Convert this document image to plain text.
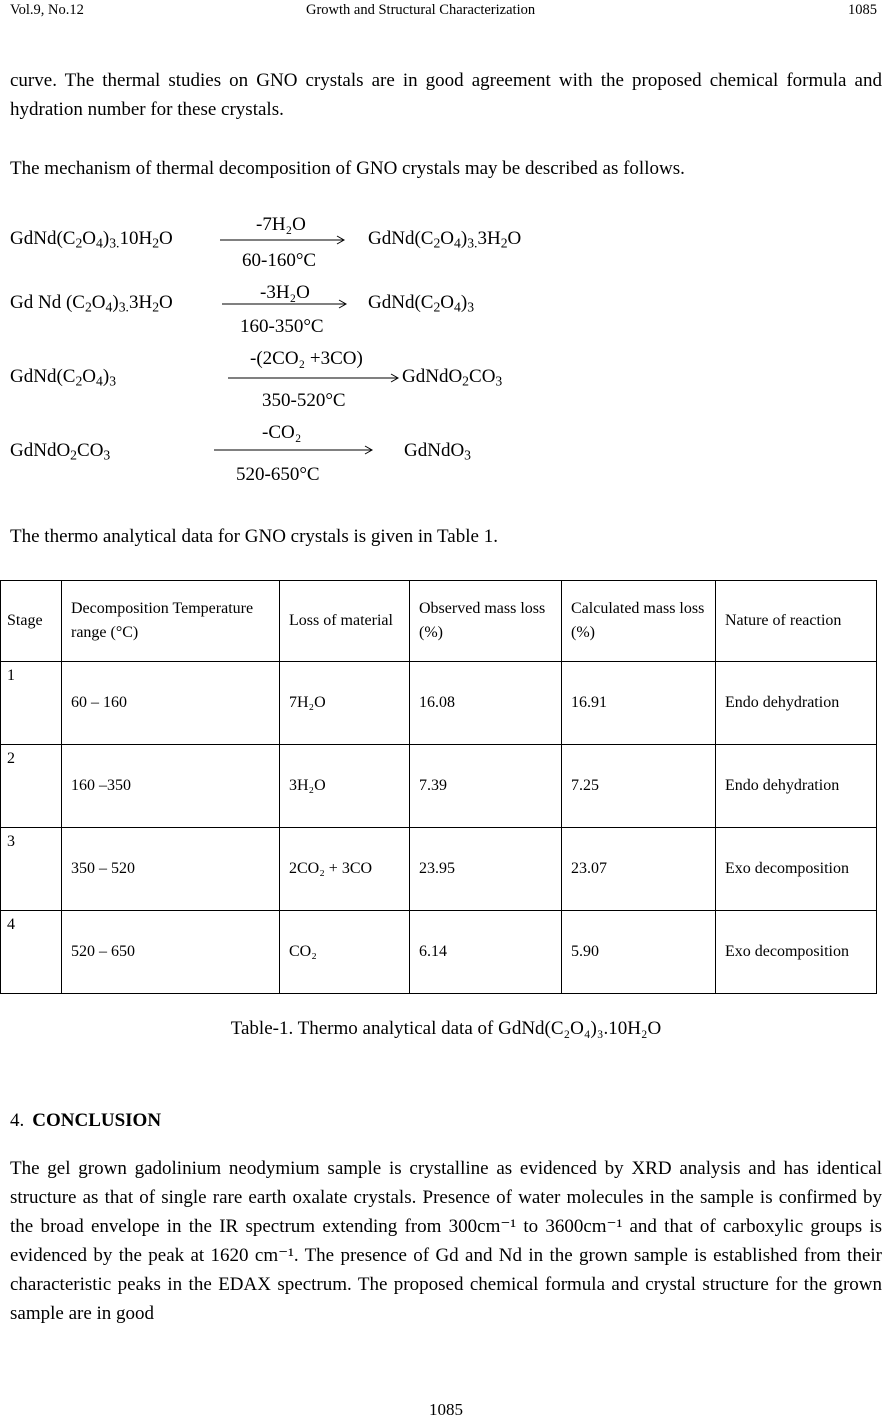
Vol.9, No.12	Growth and Structural Characterization	1085
curve. The thermal studies on GNO crystals are in good agreement with the proposed chemical formula and hydration number for these crystals.
The mechanism of thermal decomposition of GNO crystals may be described as follows.
$GdNd(C_2O_4)_{3.}10H_2O$
-7H₂O
60-160°C
$GdNd(C_2O_4)_{3.}3H_2O$
Gd Nd $(C_2O_4)_{3.}3H_2O$	-3H₂O
160-350°C
$GdNd(C_2O_4)_3$
$GdNd(C_2O_4)_3$
-(2CO₂ +3CO)
350-520°C
$GdNdO_2CO_3$
$GdNdO_2CO_3$
-CO₂
520-650°C
GdNdO$_3$
The thermo analytical data for GNO crystals is given in Table 1.
Stage	Decomposition Temperature range (°C)	Loss of material	Observed mass loss (%)	Calculated mass loss (%)	Nature of reaction
1	60 – 160	7H₂O	16.08	16.91	Endo dehydration
2	160 –350	3H₂O	7.39	7.25	Endo dehydration
3	350 – 520	2CO₂ + 3CO	23.95	23.07	Exo decomposition
4	520 – 650	CO₂	6.14	5.90	Exo decomposition
Table-1. Thermo analytical data of GdNd(C₂O₄)₃.10H₂O
4. CONCLUSION
The gel grown gadolinium neodymium sample is crystalline as evidenced by XRD analysis and has identical structure as that of single rare earth oxalate crystals. Presence of water molecules in the sample is confirmed by the broad envelope in the IR spectrum extending from 300cm⁻¹ to 3600cm⁻¹ and that of carboxylic groups is evidenced by the peak at 1620 cm⁻¹. The presence of Gd and Nd in the grown sample is established from their characteristic peaks in the EDAX spectrum. The proposed chemical formula and crystal structure for the grown sample are in good
1085
